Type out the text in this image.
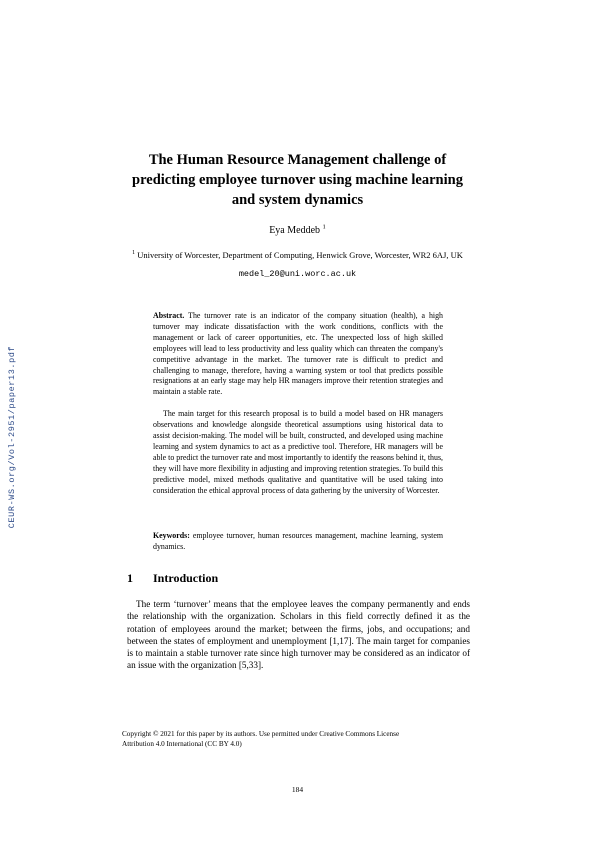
CEUR-WS.org/Vol-2951/paper13.pdf
The Human Resource Management challenge of
predicting employee turnover using machine learning
and system dynamics
Eya Meddeb $^1$
$^1$ University of Worcester, Department of Computing, Henwick Grove, Worcester, WR2 6AJ, UK
medel_20@uni.worc.ac.uk

Abstract. The turnover rate is an indicator of the company situation (health), a high turnover may indicate dissatisfaction with the work conditions, conflicts with the management or lack of career opportunities, etc. The unexpected loss of high skilled employees will lead to less productivity and less quality which can threaten the company's competitive advantage in the market. The turnover rate is difficult to predict and challenging to manage, therefore, having a warning system or tool that predicts possible resignations at an early stage may help HR managers improve their retention strategies and maintain a stable rate.

The main target for this research proposal is to build a model based on HR managers observations and knowledge alongside theoretical assumptions using historical data to assist decision-making. The model will be built, constructed, and developed using machine learning and system dynamics to act as a predictive tool. Therefore, HR managers will be able to predict the turnover rate and most importantly to identify the reasons behind it, thus, they will have more flexibility in adjusting and improving retention strategies. To build this predictive model, mixed methods qualitative and quantitative will be used taking into consideration the ethical approval process of data gathering by the university of Worcester.

Keywords: employee turnover, human resources management, machine learning, system dynamics.
1 Introduction
The term ‘turnover’ means that the employee leaves the company permanently and ends the relationship with the organization. Scholars in this field correctly defined it as the rotation of employees around the market; between the firms, jobs, and occupations; and between the states of employment and unemployment [1,17]. The main target for companies is to maintain a stable turnover rate since high turnover may be considered as an indicator of an issue with the organization [5,33].
Copyright © 2021 for this paper by its authors. Use permitted under Creative Commons License
Attribution 4.0 International (CC BY 4.0)
184
